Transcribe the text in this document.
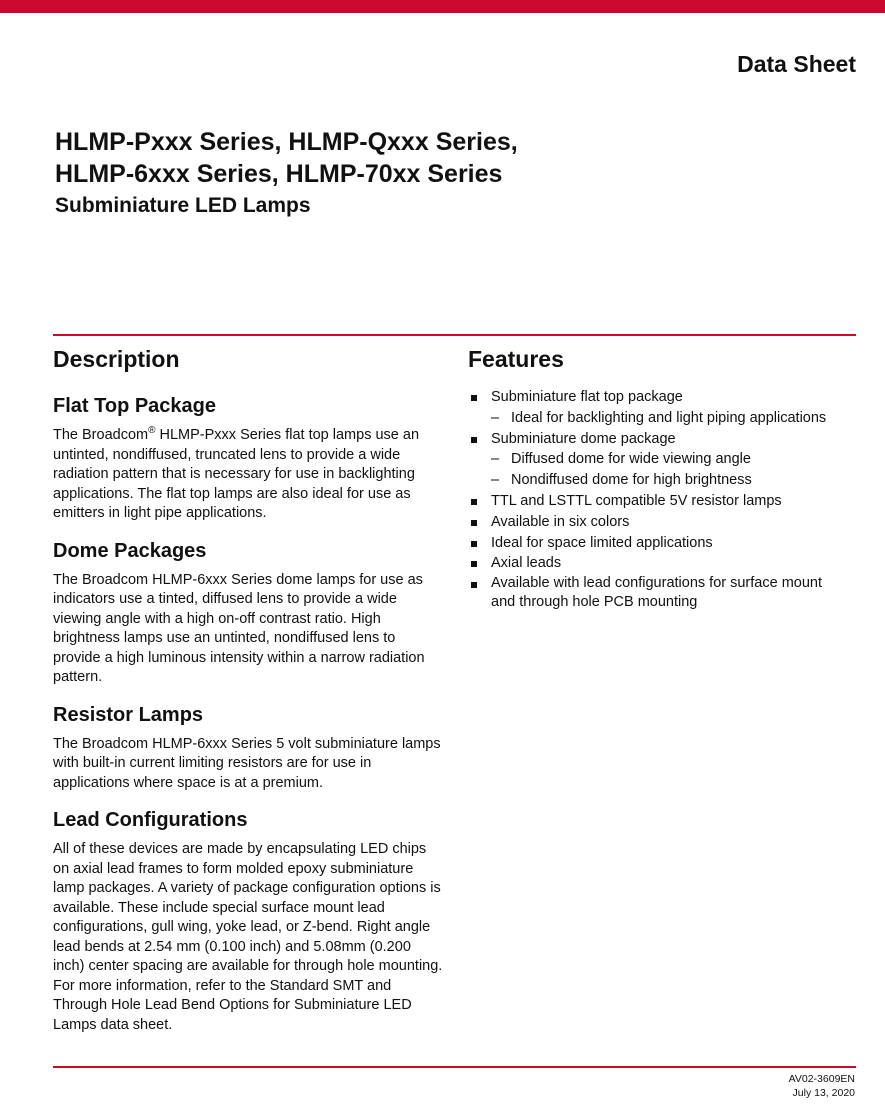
Data Sheet
HLMP-Pxxx Series, HLMP-Qxxx Series,
HLMP-6xxx Series, HLMP-70xx Series
Subminiature LED Lamps
Description
Flat Top Package

The Broadcom® HLMP-Pxxx Series flat top lamps use an untinted, nondiffused, truncated lens to provide a wide radiation pattern that is necessary for use in backlighting applications. The flat top lamps are also ideal for use as emitters in light pipe applications.

Dome Packages

The Broadcom HLMP-6xxx Series dome lamps for use as indicators use a tinted, diffused lens to provide a wide viewing angle with a high on-off contrast ratio. High brightness lamps use an untinted, nondiffused lens to provide a high luminous intensity within a narrow radiation pattern.

Resistor Lamps

The Broadcom HLMP-6xxx Series 5 volt subminiature lamps with built-in current limiting resistors are for use in applications where space is at a premium.

Lead Configurations

All of these devices are made by encapsulating LED chips on axial lead frames to form molded epoxy subminiature lamp packages. A variety of package configuration options is available. These include special surface mount lead configurations, gull wing, yoke lead, or Z-bend. Right angle lead bends at 2.54 mm (0.100 inch) and 5.08mm (0.200 inch) center spacing are available for through hole mounting. For more information, refer to the Standard SMT and Through Hole Lead Bend Options for Subminiature LED Lamps data sheet.

Features
Subminiature flat top package
– Ideal for backlighting and light piping applications
Subminiature dome package
– Diffused dome for wide viewing angle
– Nondiffused dome for high brightness
TTL and LSTTL compatible 5V resistor lamps
Available in six colors
Ideal for space limited applications
Axial leads
Available with lead configurations for surface mount and through hole PCB mounting
AV02-3609EN
July 13, 2020
